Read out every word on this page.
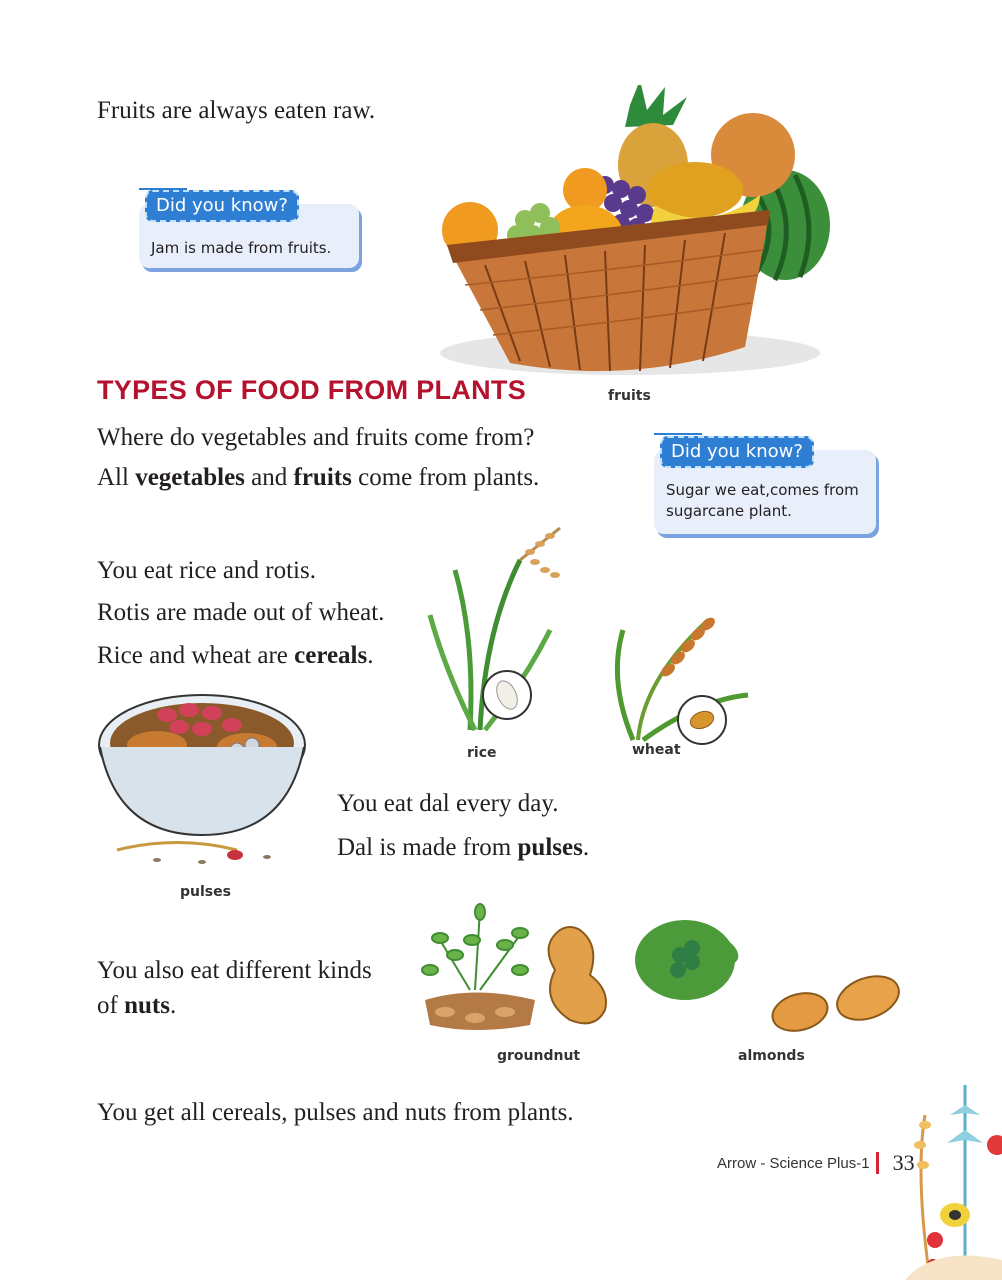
Fruits are always eaten raw.
Did you know?
Jam is made from fruits.
fruits
TYPES OF FOOD FROM PLANTS
Where do vegetables and fruits come from?
All vegetables and fruits come from plants.
Did you know?
Sugar we eat,comes from sugarcane plant.
You eat rice and rotis.
Rotis are made out of wheat.
Rice and wheat are cereals.
rice	wheat
pulses
You eat dal every day.
Dal is made from pulses.
You also eat different kinds
of nuts.
groundnut	almonds
You get all cereals, pulses and nuts from plants.
Arrow - Science Plus-1 33
